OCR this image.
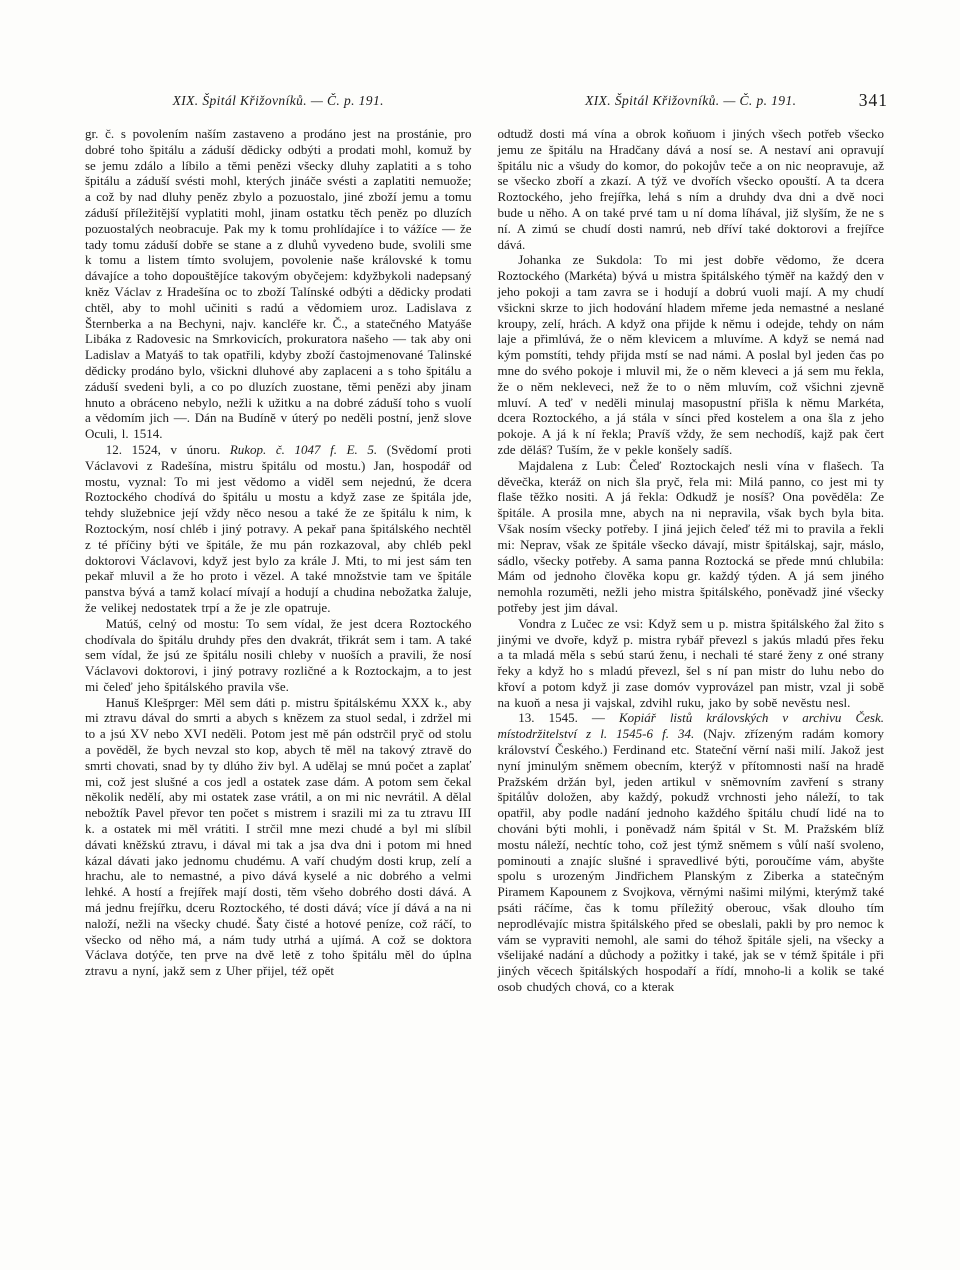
XIX. Špitál Křižovníků. — Č. p. 191.	XIX. Špitál Křižovníků. — Č. p. 191.	341

gr. č. s povolením naším zastaveno a prodáno jest na prostánie, pro dobré toho špitálu a záduší dědicky odbýti a prodati mohl, komuž by se jemu zdálo a líbilo a těmi penězi všecky dluhy zaplatiti a s toho špitálu a záduší svésti mohl, kterých jináče svésti a zaplatiti nemuože; a což by nad dluhy peněz zbylo a pozuostalo, jiné zboží jemu a tomu záduší příležitější vyplatiti mohl, jinam ostatku těch peněz po dluzích pozuostalých neobracuje. Pak my k tomu prohlídajíce i to vážíce — že tady tomu záduší dobře se stane a z dluhů vyvedeno bude, svolili sme k tomu a listem tímto svolujem, povolenie naše královské k tomu dávajíce a toho dopouštějíce takovým obyčejem: kdyžbykoli nadepsaný kněz Václav z Hradešína oc to zboží Talínské odbýti a dědicky prodati chtěl, aby to mohl učiniti s radú a vědomiem uroz. Ladislava z Šternberka a na Bechyni, najv. kancléře kr. Č., a statečného Matyáše Libáka z Radovesic na Smrkovicích, prokuratora našeho — tak aby oni Ladislav a Matyáš to tak opatřili, kdyby zboží častojmenované Talinské dědicky prodáno bylo, všickni dluhové aby zaplaceni a s toho špitálu a záduší svedeni byli, a co po dluzích zuostane, těmi penězi aby jinam hnuto a obráceno nebylo, nežli k užitku a na dobré záduší toho s vuolí a vědomím jich —. Dán na Budíně v úterý po neděli postní, jenž slove Oculi, l. 1514.

12. 1524, v únoru. Rukop. č. 1047 f. E. 5. (Svědomí proti Václavovi z Radešína, mistru špitálu od mostu.) Jan, hospodář od mostu, vyznal: To mi jest vědomo a viděl sem nejednú, že dcera Roztockého chodívá do špitálu u mostu a když zase ze špitála jde, tehdy služebnice její vždy něco nesou a také že ze špitálu k nim, k Roztockým, nosí chléb i jiný potravy. A pekař pana špitálského nechtěl z té příčiny býti ve špitále, že mu pán rozkazoval, aby chléb pekl doktorovi Václavovi, když jest bylo za krále J. Mti, to mi jest sám ten pekař mluvil a že ho proto i vězel. A také množstvie tam ve špitále panstva bývá a tamž kolací mívají a hodují a chudina nebožatka žaluje, že velikej nedostatek trpí a že je zle opatruje.

Matúš, celný od mostu: To sem vídal, že jest dcera Roztockého chodívala do špitálu druhdy přes den dvakrát, třikrát sem i tam. A také sem vídal, že jsú ze špitálu nosili chleby v nuoších a pravili, že nosí Václavovi doktorovi, i jiný potravy rozličné a k Roztockajm, a to jest mi čeleď jeho špitálského pravila vše.

Hanuš Klešprger: Měl sem dáti p. mistru špitálskému XXX k., aby mi ztravu dával do smrti a abych s knězem za stuol sedal, i zdržel mi to a jsú XV nebo XVI neděli. Potom jest mě pán odstrčil pryč od stolu a pověděl, že bych nevzal sto kop, abych tě měl na takový ztravě do smrti chovati, snad by ty dlúho živ byl. A udělaj se mnú počet a zaplať mi, což jest slušné a cos jedl a ostatek zase dám. A potom sem čekal několik nedělí, aby mi ostatek zase vrátil, a on mi nic nevrátil. A dělal nebožtík Pavel převor ten počet s mistrem i srazili mi za tu ztravu III k. a ostatek mi měl vrátiti. I strčil mne mezi chudé a byl mi slíbil dávati kněžskú ztravu, i dával mi tak a jsa dva dni i potom mi hned kázal dávati jako jednomu chudému. A vaří chudým dosti krup, zelí a hrachu, ale to nemastné, a pivo dává kyselé a nic dobrého a velmi lehké. A hostí a frejířek mají dosti, těm všeho dobrého dosti dává. A má jednu frejířku, dceru Roztockého, té dosti dává; více jí dává a na ni naloží, nežli na všecky chudé. Šaty čisté a hotové peníze, což ráčí, to všecko od něho má, a nám tudy utrhá a ujímá. A což se doktora Václava dotýče, ten prve na dvě letě z toho špitálu měl do úplna ztravu a nyní, jakž sem z Uher přijel, též opět

odtudž dosti má vína a obrok koňuom i jiných všech potřeb všecko jemu ze špitálu na Hradčany dává a nosí se. A nestaví ani opravují špitálu nic a všudy do komor, do pokojův teče a on nic neopravuje, až se všecko zboří a zkazí. A týž ve dvořích všecko opouští. A ta dcera Roztockého, jeho frejířka, lehá s ním a druhdy dva dni a dvě noci bude u něho. A on také prvé tam u ní doma líhával, již slyším, že ne s ní. A zimú se chudí dosti namrú, neb dříví také doktorovi a frejířce dává.

Johanka ze Sukdola: To mi jest dobře vědomo, že dcera Roztockého (Markéta) bývá u mistra špitálského týměř na každý den v jeho pokoji a tam zavra se i hodují a dobrú vuoli mají. A my chudí všickni skrze to jich hodování hladem mřeme jeda nemastné a neslané kroupy, zelí, hrách. A když ona přijde k němu i odejde, tehdy on nám laje a přimlúvá, že o něm klevicem a mluvíme. A když se nemá nad kým pomstíti, tehdy přijda mstí se nad námi. A poslal byl jeden čas po mne do svého pokoje i mluvil mi, že o něm kleveci a já sem mu řekla, že o něm nekleveci, než že to o něm mluvím, což všichni zjevně mluví. A teď v neděli minulaj masopustní přišla k němu Markéta, dcera Roztockého, a já stála v sínci před kostelem a ona šla z jeho pokoje. A já k ní řekla; Pravíš vždy, že sem nechodíš, kajž pak čert zde děláš? Tuším, že v pekle konšely sadíš.

Majdalena z Lub: Čeleď Roztockajch nesli vína v flašech. Ta děvečka, kteráž on nich šla pryč, řela mi: Milá panno, co jest mi ty flaše těžko nositi. A já řekla: Odkudž je nosíš? Ona pověděla: Ze špitále. A prosila mne, abych na ni nepravila, však bych byla bita. Však nosím všecky potřeby. I jiná jejich čeleď též mi to pravila a řekli mi: Neprav, však ze špitále všecko dávají, mistr špitálskaj, sajr, máslo, sádlo, všecky potřeby. A sama panna Roztocká se přede mnú chlubila: Mám od jednoho člověka kopu gr. každý týden. A já sem jiného nemohla rozuměti, nežli jeho mistra špitálského, poněvadž jiné všecky potřeby jest jim dával.

Vondra z Lučec ze vsi: Když sem u p. mistra špitálského žal žito s jinými ve dvoře, když p. mistra rybář převezl s jakús mladú přes řeku a ta mladá měla s sebú starú ženu, i nechali té staré ženy z oné strany řeky a když ho s mladú převezl, šel s ní pan mistr do luhu nebo do křoví a potom když ji zase domóv vyprovázel pan mistr, vzal ji sobě na kuoň a nesa ji vajskal, zdvihl ruku, jako by sobě nevěstu nesl.

13. 1545. — Kopiář listů královských v archivu Česk. místodržitelství z l. 1545-6 f. 34. (Najv. zřízeným radám komory království Českého.) Ferdinand etc. Stateční věrní naši milí. Jakož jest nyní jminulým sněmem obecním, kterýž v přítomnosti naší na hradě Pražském držán byl, jeden artikul v sněmovním zavření s strany špitálův doložen, aby každý, pokudž vrchnosti jeho náleží, to tak opatřil, aby podle nadání jednoho každého špitálu chudí lidé na to chováni býti mohli, i poněvadž nám špitál v St. M. Pražském blíž mostu náleží, nechtíc toho, což jest týmž sněmem s vůlí naší svoleno, pominouti a znajíc slušné i spravedlivé býti, poroučíme vám, abyšte spolu s urozeným Jindřichem Planským z Ziberka a statečným Piramem Kapounem z Svojkova, věrnými našimi milými, kterýmž také psáti ráčíme, čas k tomu příležitý oberouc, však dlouho tím neprodlévajíc mistra špitálského před se obeslali, pakli by pro nemoc k vám se vypraviti nemohl, ale sami do téhož špitále sjeli, na všecky a všelijaké nadání a důchody a požitky i také, jak se v témž špitále i při jiných věcech špitálských hospodaří a řídí, mnoho-li a kolik se také osob chudých chová, co a kterak
